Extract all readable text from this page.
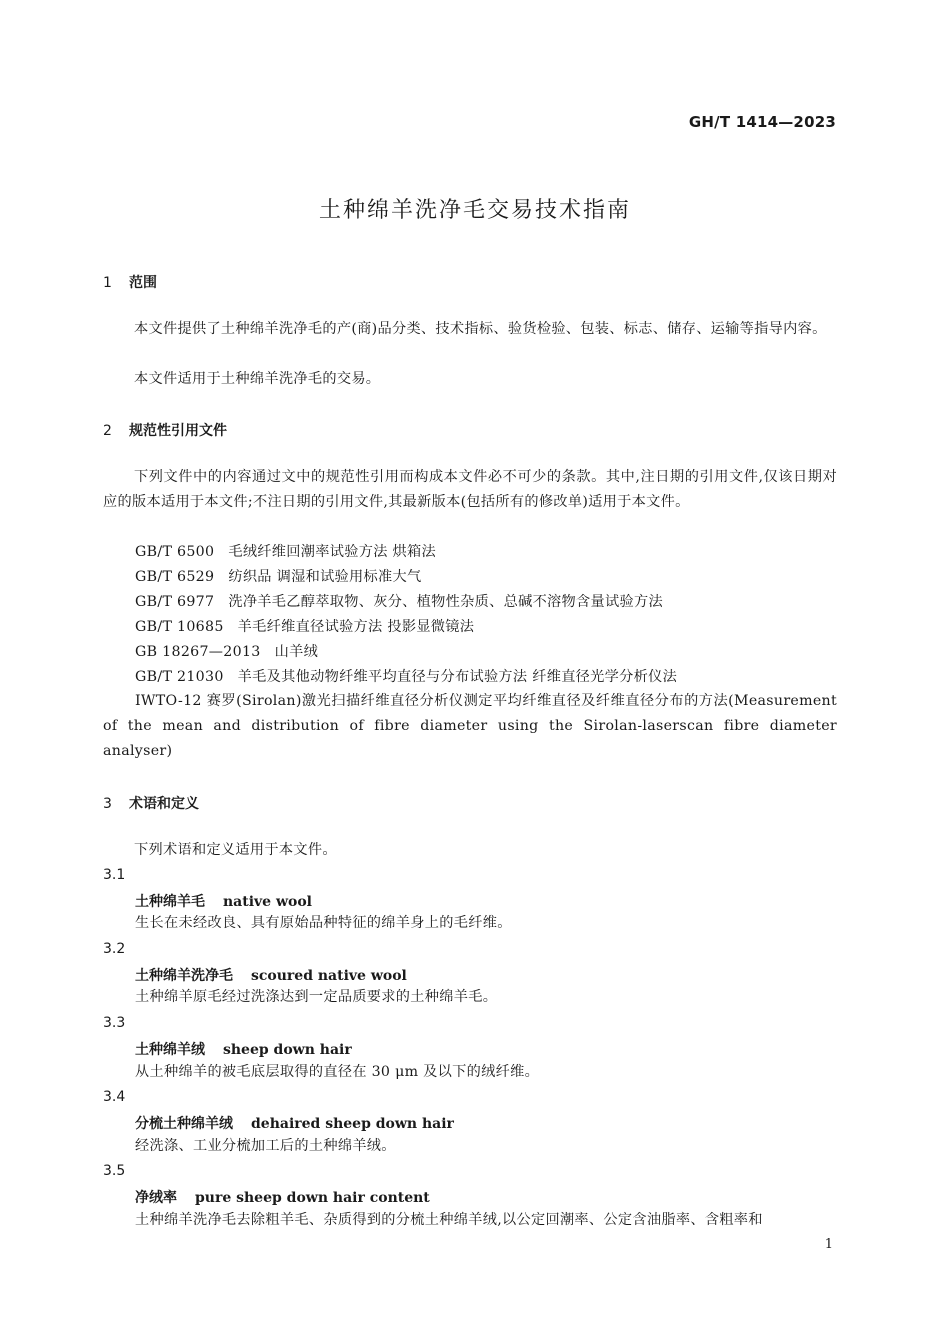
GH/T 1414—2023
土种绵羊洗净毛交易技术指南
1 范围
本文件提供了土种绵羊洗净毛的产(商)品分类、技术指标、验货检验、包装、标志、储存、运输等指导内容。
本文件适用于土种绵羊洗净毛的交易。
2 规范性引用文件
下列文件中的内容通过文中的规范性引用而构成本文件必不可少的条款。其中,注日期的引用文件,仅该日期对应的版本适用于本文件;不注日期的引用文件,其最新版本(包括所有的修改单)适用于本文件。
GB/T 6500 毛绒纤维回潮率试验方法 烘箱法
GB/T 6529 纺织品 调湿和试验用标准大气
GB/T 6977 洗净羊毛乙醇萃取物、灰分、植物性杂质、总碱不溶物含量试验方法
GB/T 10685 羊毛纤维直径试验方法 投影显微镜法
GB 18267—2013 山羊绒
GB/T 21030 羊毛及其他动物纤维平均直径与分布试验方法 纤维直径光学分析仪法
IWTO-12 赛罗(Sirolan)激光扫描纤维直径分析仪测定平均纤维直径及纤维直径分布的方法(Measurement of the mean and distribution of fibre diameter using the Sirolan-laserscan fibre diameter analyser)
3 术语和定义
下列术语和定义适用于本文件。
3.1
土种绵羊毛 native wool
生长在未经改良、具有原始品种特征的绵羊身上的毛纤维。
3.2
土种绵羊洗净毛 scoured native wool
土种绵羊原毛经过洗涤达到一定品质要求的土种绵羊毛。
3.3
土种绵羊绒 sheep down hair
从土种绵羊的被毛底层取得的直径在 30 μm 及以下的绒纤维。
3.4
分梳土种绵羊绒 dehaired sheep down hair
经洗涤、工业分梳加工后的土种绵羊绒。
3.5
净绒率 pure sheep down hair content
土种绵羊洗净毛去除粗羊毛、杂质得到的分梳土种绵羊绒,以公定回潮率、公定含油脂率、含粗率和
1
